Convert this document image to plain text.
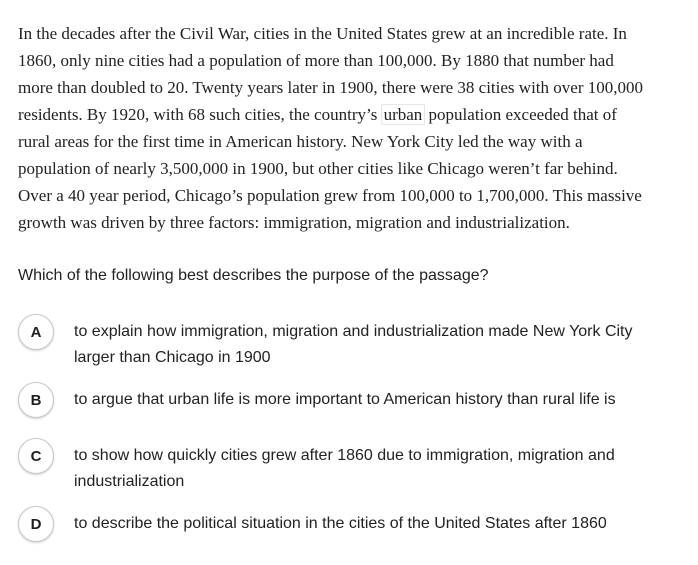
In the decades after the Civil War, cities in the United States grew at an incredible rate. In
1860, only nine cities had a population of more than 100,000. By 1880 that number had
more than doubled to 20. Twenty years later in 1900, there were 38 cities with over 100,000
residents. By 1920, with 68 such cities, the country’s urban population exceeded that of
rural areas for the first time in American history. New York City led the way with a
population of nearly 3,500,000 in 1900, but other cities like Chicago weren’t far behind.
Over a 40 year period, Chicago’s population grew from 100,000 to 1,700,000. This massive
growth was driven by three factors: immigration, migration and industrialization.
Which of the following best describes the purpose of the passage?
A	to explain how immigration, migration and industrialization made New York City
larger than Chicago in 1900
B	to argue that urban life is more important to American history than rural life is
C	to show how quickly cities grew after 1860 due to immigration, migration and
industrialization
D	to describe the political situation in the cities of the United States after 1860
